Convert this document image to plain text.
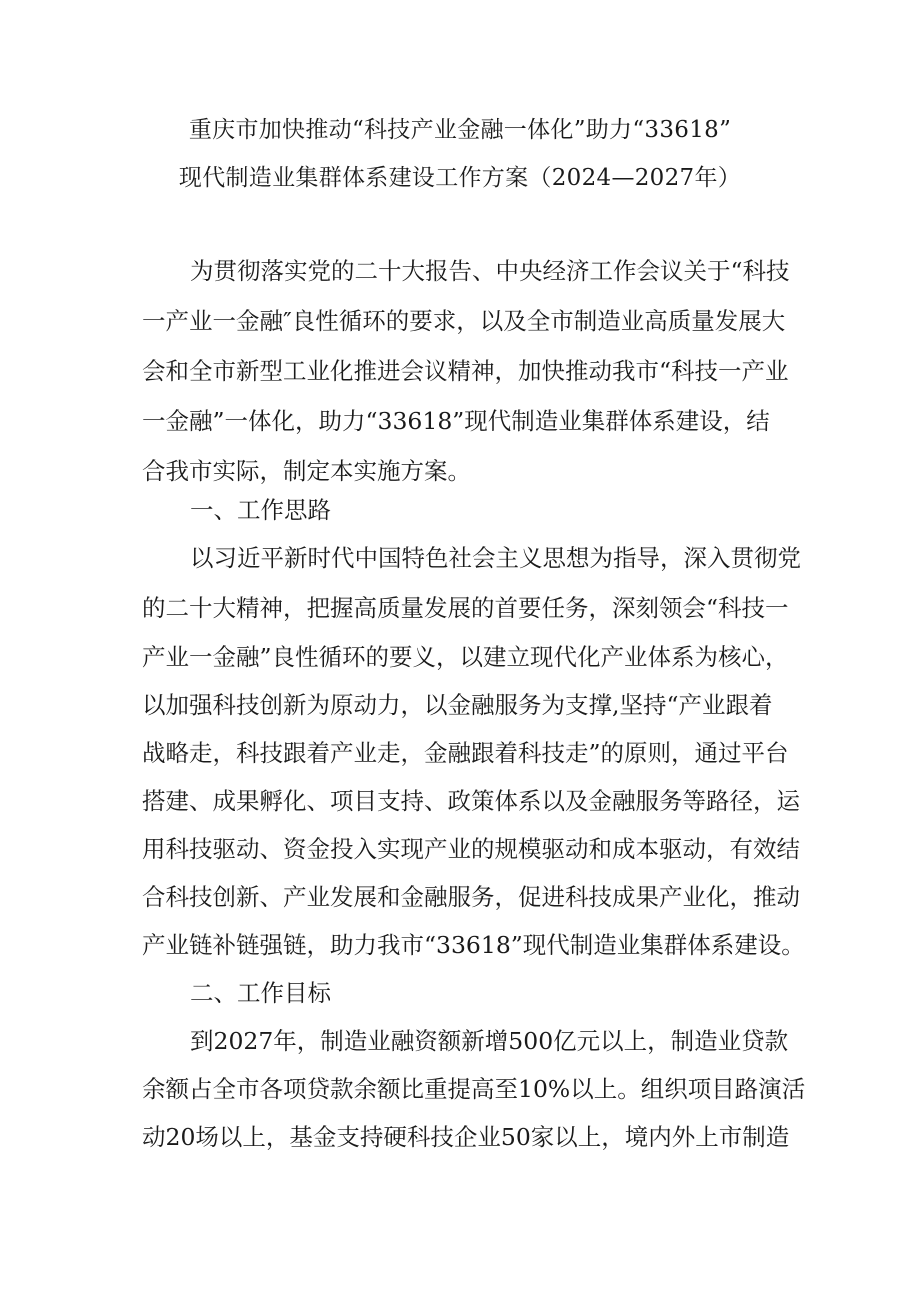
重庆市加快推动“科技产业金融一体化”助力“33618”
现代制造业集群体系建设工作方案（2024—2027年）
为贯彻落实党的二十大报告、中央经济工作会议关于“科技
一产业一金融″良性循环的要求，以及全市制造业高质量发展大
会和全市新型工业化推进会议精神，加快推动我市“科技一产业
一金融”一体化，助力“33618”现代制造业集群体系建设，结
合我市实际，制定本实施方案。
一、工作思路
以习近平新时代中国特色社会主义思想为指导，深入贯彻党
的二十大精神，把握高质量发展的首要任务，深刻领会“科技一
产业一金融”良性循环的要义，以建立现代化产业体系为核心，
以加强科技创新为原动力，以金融服务为支撑,坚持“产业跟着
战略走，科技跟着产业走，金融跟着科技走”的原则，通过平台
搭建、成果孵化、项目支持、政策体系以及金融服务等路径，运
用科技驱动、资金投入实现产业的规模驱动和成本驱动，有效结
合科技创新、产业发展和金融服务，促进科技成果产业化，推动
产业链补链强链，助力我市“33618”现代制造业集群体系建设。
二、工作目标
到2027年，制造业融资额新增500亿元以上，制造业贷款
余额占全市各项贷款余额比重提高至10%以上。组织项目路演活
动20场以上，基金支持硬科技企业50家以上，境内外上市制造
